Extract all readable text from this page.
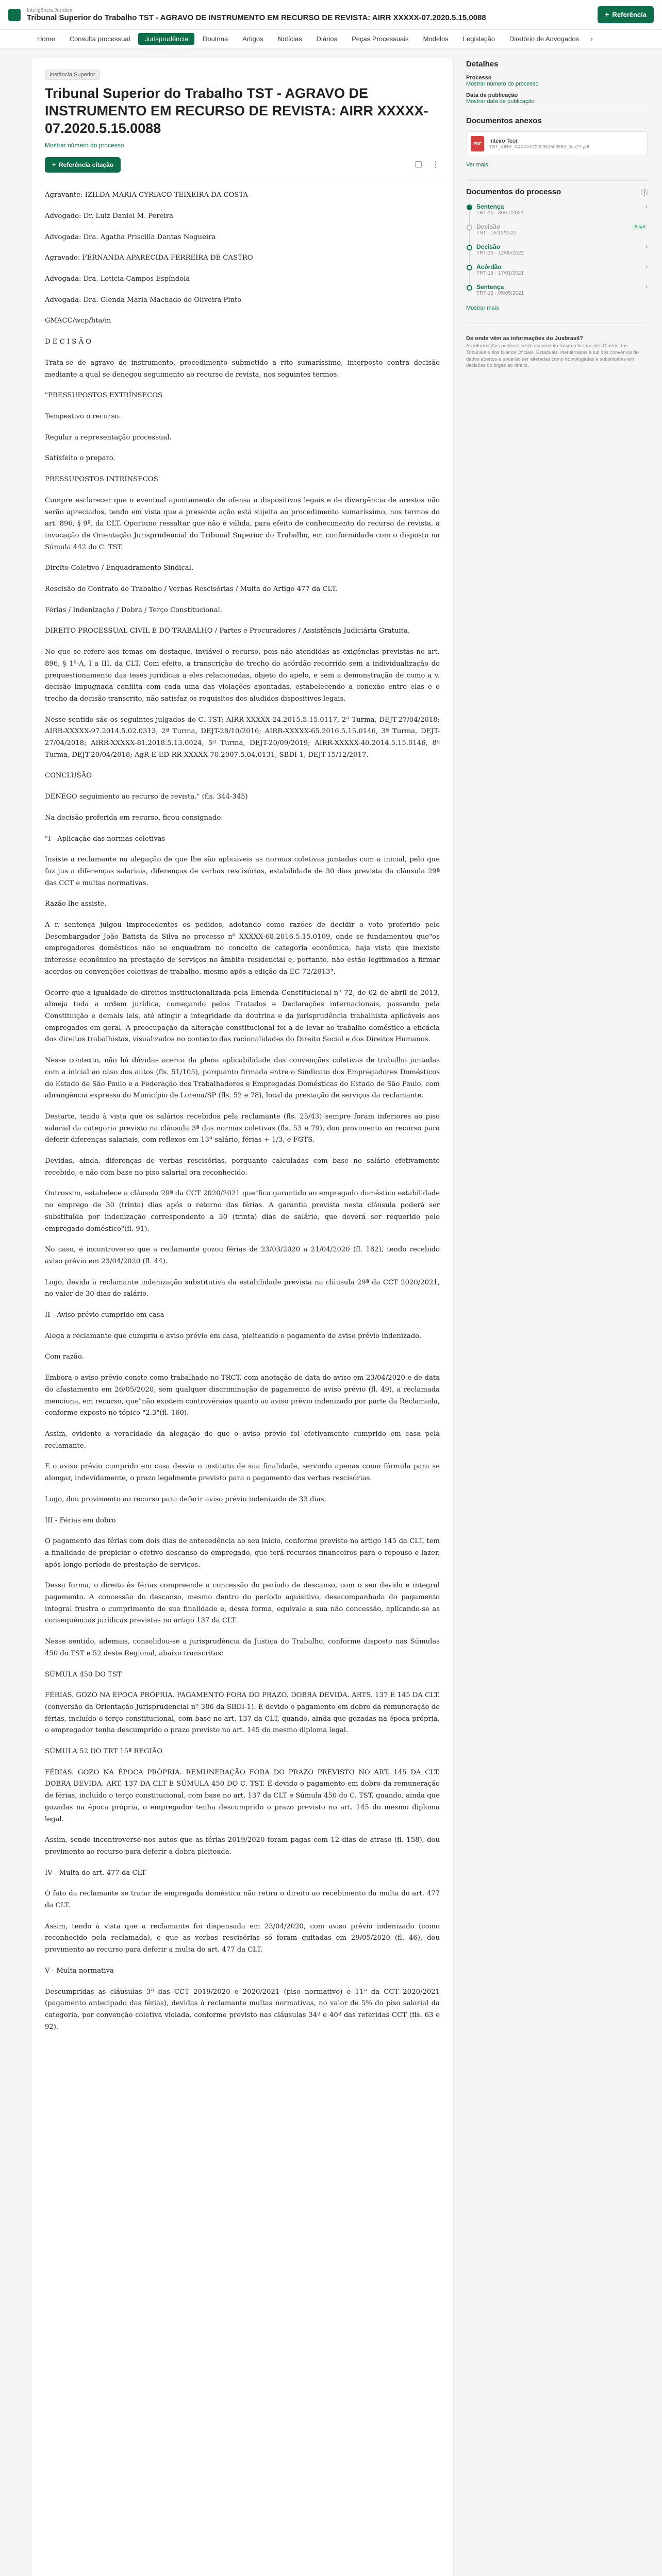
Inteligência Jurídica
Tribunal Superior do Trabalho TST - AGRAVO DE INSTRUMENTO EM RECURSO DE REVISTA: AIRR XXXXX-07.2020.5.15.0088	+ Referência
Home	Consulta processual	Jurisprudência	Doutrina	Artigos	Notícias	Diários	Peças Processuais	Modelos	Legislação	Diretório de Advogados	›
Instância Superior
Tribunal Superior do Trabalho TST - AGRAVO DE INSTRUMENTO EM RECURSO DE REVISTA: AIRR XXXXX-07.2020.5.15.0088
Mostrar número do processo
+ Referência citação	☐ ⋮

Agravante: IZILDA MARIA CYRIACO TEIXEIRA DA COSTA

Advogado: Dr. Luiz Daniel M. Pereira

Advogada: Dra. Agatha Priscilla Dantas Nogueira

Agravado: FERNANDA APARECIDA FERREIRA DE CASTRO

Advogada: Dra. Leticia Campos Espíndola

Advogada: Dra. Glenda Maria Machado de Oliveira Pinto

GMACC/wcp/hta/m

D E C I S Ã O

Trata-se de agravo de instrumento, procedimento submetido a rito sumaríssimo, interposto contra decisão mediante a qual se denegou seguimento ao recurso de revista, nos seguintes termos:

"PRESSUPOSTOS EXTRÍNSECOS

Tempestivo o recurso.

Regular a representação processual.

Satisfeito o preparo.

PRESSUPOSTOS INTRÍNSECOS

Cumpre esclarecer que o eventual apontamento de ofensa a dispositivos legais e de divergência de arestos não serão apreciados, tendo em vista que a presente ação está sujeita ao procedimento sumaríssimo, nos termos do art. 896, § 9º, da CLT. Oportuno ressaltar que não é válida, para efeito de conhecimento do recurso de revista, a invocação de Orientação Jurisprudencial do Tribunal Superior do Trabalho, em conformidade com o disposto na Súmula 442 do C. TST.

Direito Coletivo / Enquadramento Sindical.

Rescisão do Contrato de Trabalho / Verbas Rescisórias / Multa do Artigo 477 da CLT.

Férias / Indenização / Dobra / Terço Constitucional.

DIREITO PROCESSUAL CIVIL E DO TRABALHO / Partes e Procuradores / Assistência Judiciária Gratuita.

No que se refere aos temas em destaque, inviável o recurso, pois não atendidas as exigências previstas no art. 896, § 1º-A, I a III, da CLT. Com efeito, a transcrição do trecho do acórdão recorrido sem a individualização do prequestionamento das teses jurídicas a eles relacionadas, objeto do apelo, e sem a demonstração de como a v. decisão impugnada conflita com cada uma das violações apontadas, estabelecendo a conexão entre elas e o trecho da decisão transcrito, não satisfaz os requisitos dos aludidos dispositivos legais.

Nesse sentido são os seguintes julgados do C. TST: AIRR-XXXXX-24.2015.5.15.0117, 2ª Turma, DEJT-27/04/2018; AIRR-XXXXX-97.2014.5.02.0313, 2ª Turma, DEJT-28/10/2016; AIRR-XXXXX-65.2016.5.15.0146, 3ª Turma, DEJT-27/04/2018; AIRR-XXXXX-81.2018.5.13.0024, 5ª Turma, DEJT-20/09/2019; AIRR-XXXXX-40.2014.5.15.0146, 8ª Turma, DEJT-20/04/2018; AgR-E-ED-RR-XXXXX-70.2007.5.04.0131, SBDI-1, DEJT-15/12/2017.

CONCLUSÃO

DENEGO seguimento ao recurso de revista." (fls. 344-345)

Na decisão proferida em recurso, ficou consignado:

"I - Aplicação das normas coletivas

Insiste a reclamante na alegação de que lhe são aplicáveis as normas coletivas juntadas com a inicial, pelo que faz jus a diferenças salariais, diferenças de verbas rescisórias, estabilidade de 30 dias prevista da cláusula 29ª das CCT e multas normativas.

Razão lhe assiste.

A r. sentença julgou improcedentes os pedidos, adotando como razões de decidir o voto proferido pelo Desembargador João Batista da Silva no processo nº XXXXX-68.2016.5.15.0109, onde se fundamentou que"os empregadores domésticos não se enquadram no conceito de categoria econômica, haja vista que inexiste interesse econômico na prestação de serviços no âmbito residencial e, portanto, não estão legitimados a firmar acordos ou convenções coletivas de trabalho, mesmo após a edição da EC 72/2013".

Ocorre que a igualdade de direitos institucionalizada pela Emenda Constitucional nº 72, de 02 de abril de 2013, almeja toda a ordem jurídica, começando pelos Tratados e Declarações internacionais, passando pela Constituição e demais leis, até atingir a integridade da doutrina e da jurisprudência trabalhista aplicáveis aos empregados em geral. A preocupação da alteração constitucional foi a de levar ao trabalho doméstico a eficácia dos direitos trabalhistas, visualizados no contexto das racionalidades do Direito Social e dos Direitos Humanos.

Nesse contexto, não há dúvidas acerca da plena aplicabilidade das convenções coletivas de trabalho juntadas com a inicial ao caso dos autos (fls. 51/105), porquanto firmada entre o Sindicato dos Empregadores Domésticos do Estado de São Paulo e a Federação dos Trabalhadores e Empregadas Domésticas do Estado de São Paulo, com abrangência expressa do Município de Lorena/SP (fls. 52 e 78), local da prestação de serviços da reclamante.

Destarte, tendo à vista que os salários recebidos pela reclamante (fls. 25/43) sempre foram inferiores ao piso salarial da categoria previsto na cláusula 3ª das normas coletivas (fls. 53 e 79), dou provimento ao recurso para deferir diferenças salariais, com reflexos em 13º salário, férias + 1/3, e FGTS.

Devidas, ainda, diferenças de verbas rescisórias, porquanto calculadas com base no salário efetivamente recebido, e não com base no piso salarial ora reconhecido.

Outrossim, estabelece a cláusula 29ª da CCT 2020/2021 que"fica garantido ao empregado doméstico estabilidade no emprego de 30 (trinta) dias após o retorno das férias. A garantia prevista nesta cláusula poderá ser substituída por indenização correspondente a 30 (trinta) dias de salário, que deverá ser requerido pelo empregado doméstico"(fl. 91).

No caso, é incontroverso que a reclamante gozou férias de 23/03/2020 a 21/04/2020 (fl. 182), tendo recebido aviso prévio em 23/04/2020 (fl. 44).

Logo, devida à reclamante indenização substitutiva da estabilidade prevista na cláusula 29ª da CCT 2020/2021, no valor de 30 dias de salário.

II - Aviso prévio cumprido em casa

Alega a reclamante que cumpriu o aviso prévio em casa, pleiteando o pagamento de aviso prévio indenizado.

Com razão.

Embora o aviso prévio conste como trabalhado no TRCT, com anotação de data do aviso em 23/04/2020 e de data do afastamento em 26/05/2020, sem qualquer discriminação de pagamento de aviso prévio (fl. 49), a reclamada menciona, em recurso, que"não existem controvérsias quanto ao aviso prévio indenizado por parte da Reclamada, conforme exposto no tópico "2.3"(fl. 160).

Assim, evidente a veracidade da alegação de que o aviso prévio foi efetivamente cumprido em casa pela reclamante.

E o aviso prévio cumprido em casa desvia o instituto de sua finalidade, servindo apenas como fórmula para se alongar, indevidamente, o prazo legalmente previsto para o pagamento das verbas rescisórias.

Logo, dou provimento ao recurso para deferir aviso prévio indenizado de 33 dias.

III - Férias em dobro

O pagamento das férias com dois dias de antecedência ao seu início, conforme previsto no artigo 145 da CLT, tem a finalidade de propiciar o efetivo descanso do empregado, que terá recursos financeiros para o repouso e lazer, após longo período de prestação de serviços.

Dessa forma, o direito às férias compreende a concessão do período de descanso, com o seu devido e integral pagamento. A concessão do descanso, mesmo dentro do período aquisitivo, desacompanhada do pagamento integral frustra o cumprimento de sua finalidade e, dessa forma, equivale a sua não concessão, aplicando-se as consequências jurídicas previstas no artigo 137 da CLT.

Nesse sentido, ademais, consolidou-se a jurisprudência da Justiça do Trabalho, conforme disposto nas Súmulas 450 do TST e 52 deste Regional, abaixo transcritas:

SÚMULA 450 DO TST

FÉRIAS. GOZO NA ÉPOCA PRÓPRIA. PAGAMENTO FORA DO PRAZO. DOBRA DEVIDA. ARTS. 137 E 145 DA CLT. (conversão da Orientação Jurisprudencial nº 386 da SBDI-1). É devido o pagamento em dobro da remuneração de férias, incluído o terço constitucional, com base no art. 137 da CLT, quando, ainda que gozadas na época própria, o empregador tenha descumprido o prazo previsto no art. 145 do mesmo diploma legal.

SÚMULA 52 DO TRT 15ª REGIÃO

FÉRIAS. GOZO NA ÉPOCA PRÓPRIA. REMUNERAÇÃO FORA DO PRAZO PREVISTO NO ART. 145 DA CLT. DOBRA DEVIDA. ART. 137 DA CLT E SÚMULA 450 DO C. TST. É devido o pagamento em dobro da remuneração de férias, incluído o terço constitucional, com base no art. 137 da CLT e Súmula 450 do C. TST, quando, ainda que gozadas na época própria, o empregador tenha descumprido o prazo previsto no art. 145 do mesmo diploma legal.

Assim, sendo incontroverso nos autos que as férias 2019/2020 foram pagas com 12 dias de atraso (fl. 158), dou provimento ao recurso para deferir a dobra pleiteada.

IV - Multa do art. 477 da CLT

O fato da reclamante se tratar de empregada doméstica não retira o direito ao recebimento da multa do art. 477 da CLT.

Assim, tendo à vista que a reclamante foi dispensada em 23/04/2020, com aviso prévio indenizado (como reconhecido pela reclamada), e que as verbas rescisórias só foram quitadas em 29/05/2020 (fl. 46), dou provimento ao recurso para deferir a multa do art. 477 da CLT.

V - Multa normativa

Descumpridas as cláusulas 3ª das CCT 2019/2020 e 2020/2021 (piso normativo) e 11ª da CCT 2020/2021 (pagamento antecipado das férias), devidas à reclamante multas normativas, no valor de 5% do piso salarial da categoria, por convenção coletiva violada, conforme previsto nas cláusulas 34ª e 40ª das referidas CCT (fls. 63 e 92).

Detalhes
Processo
Mostrar número do processo
Data de publicação
Mostrar data de publicação
Documentos anexos
PDF	Inteiro Teor
TST_AIRR_XXXXX07202051500883_2ee27.pdf
Ver mais
Documentos do processo	ⓘ
Sentença	›
TRT-15 · 30/11/2023
Decisão	Atual
TST · 16/12/2022
Decisão	›
TRT-15 · 12/05/2022
Acórdão	›
TRT-15 · 17/01/2021
Sentença	›
TRT-15 · 05/05/2021
Mostrar mais
De onde vêm as informações do Jusbrasil?
As informações públicas neste documento foram retiradas dos Diários dos Tribunais e dos Diários Oficiais, Estaduais, identificadas à luz dos convênios de dados abertos e poderão ser alteradas como homologadas e substituídas em decisões do órgão ao direito.
